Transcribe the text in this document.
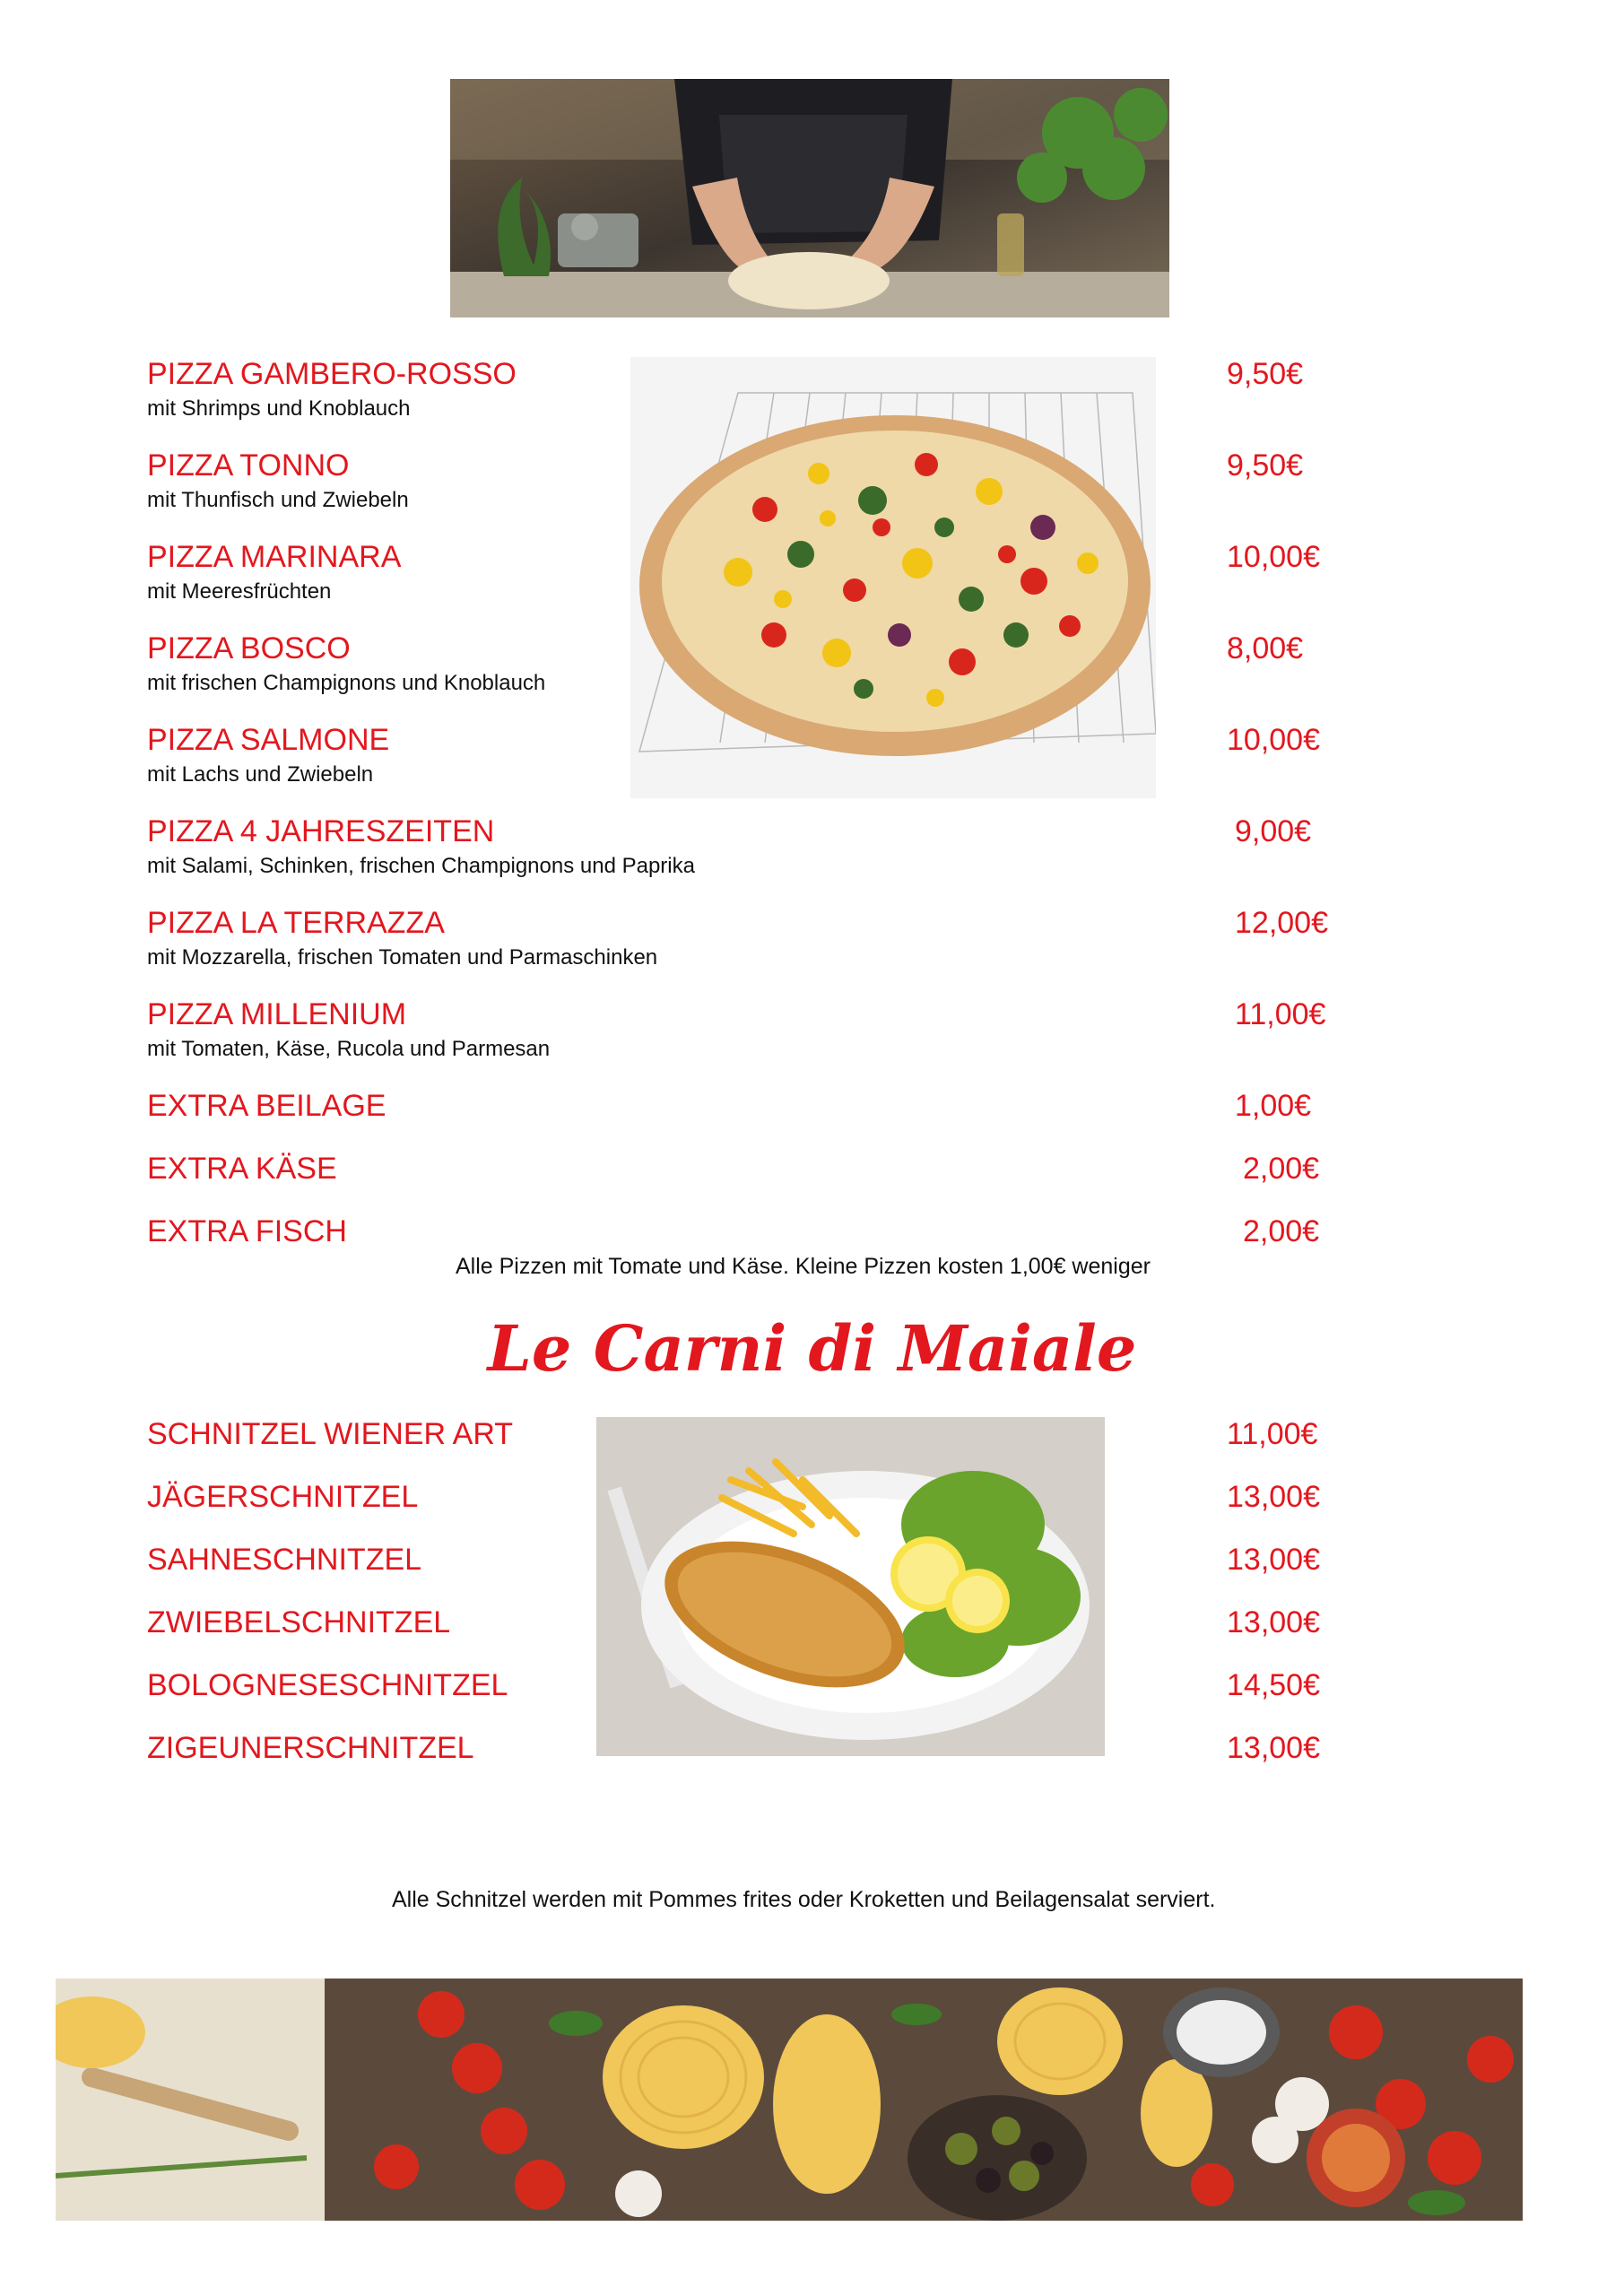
PIZZA GAMBERO-ROSSO
mit Shrimps und Knoblauch
9,50€
PIZZA TONNO
mit Thunfisch und Zwiebeln
9,50€
PIZZA MARINARA
mit Meeresfrüchten
10,00€
PIZZA BOSCO
mit frischen Champignons und Knoblauch
8,00€
PIZZA SALMONE
mit Lachs und Zwiebeln
10,00€
PIZZA 4 JAHRESZEITEN
mit Salami, Schinken, frischen Champignons und Paprika
9,00€
PIZZA LA TERRAZZA
mit Mozzarella, frischen Tomaten und Parmaschinken
12,00€
PIZZA MILLENIUM
mit Tomaten, Käse, Rucola und Parmesan
11,00€
EXTRA BEILAGE	1,00€
EXTRA KÄSE	2,00€
EXTRA FISCH	2,00€
Alle Pizzen mit Tomate und Käse. Kleine Pizzen kosten 1,00€ weniger
Le Carni di Maiale
SCHNITZEL WIENER ART	11,00€
JÄGERSCHNITZEL	13,00€
SAHNESCHNITZEL	13,00€
ZWIEBELSCHNITZEL	13,00€
BOLOGNESESCHNITZEL	14,50€
ZIGEUNERSCHNITZEL	13,00€
Alle Schnitzel werden mit Pommes frites oder Kroketten und Beilagensalat serviert.
